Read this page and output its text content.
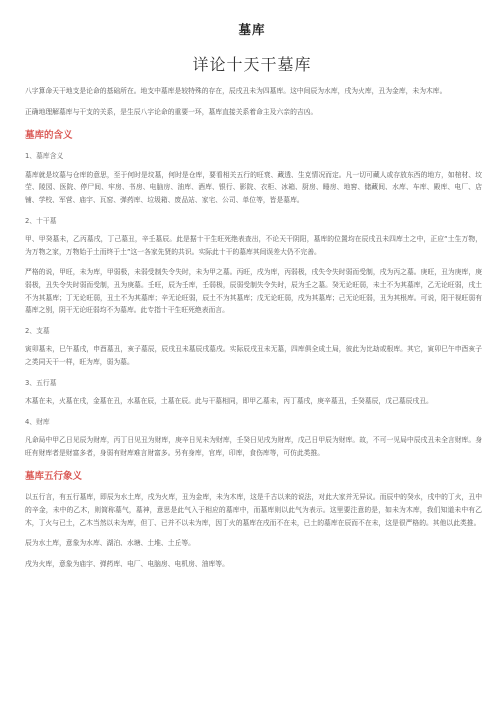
墓库
详论十天干墓库

八字算命天干地支是论命的基础所在。地支中墓库是较特殊的存在，辰戌丑未为四墓库。这中间辰为水库，戌为火库，丑为金库，未为木库。

正确地理解墓库与干支的关系，是生辰八字论命的重要一环，墓库直接关系着命主及六亲的吉凶。

墓库的含义

1、墓库含义

墓库就是坟墓与仓库的意思，至于何时是坟墓，何时是仓库，要看相关五行的旺衰、藏透、生克情况而定。凡一切可藏人或存放东西的地方，如棺材、坟茔、陵园、医院、停尸间、牢房、书房、电脑房、油库、酒库、银行、影院、衣柜、冰箱、厨房、睡房、地窖、储藏间、水库、车库、殿库、电厂、店铺、学校、军营、庙宇、瓦窑、弹药库、垃圾箱、废品站、家宅、公司、单位等，皆是墓库。

2、十干墓

甲、甲癸墓未，乙丙墓戌，丁己墓丑，辛壬墓辰。此是据十干生旺死绝表查出，不论天干阴阳，墓库的位置均在辰戌丑未四库土之中，正应“土生万物，为万物之家，万物始于土而终于土”这一各家先贤的共识。实际此十干的墓库其间误差大仍不完善。

严格的说，甲旺，未为库，甲弱极，未弱受制失令失时，未为甲之墓。丙旺，戌为库，丙弱极，戌失令失时弱而受制，戌为丙之墓。庚旺，丑为庚库，庚弱极，丑失令失时弱而受制，丑为庚墓。壬旺，辰为壬库，壬弱极，辰弱受制失令失时，辰为壬之墓。癸无论旺弱，未土不为其墓库，乙无论旺弱，戌土不为其墓库；丁无论旺弱，丑土不为其墓库；辛无论旺弱，辰土不为其墓库；戊无论旺弱，戌为其墓库；己无论旺弱，丑为其根库。可说，阳干视旺弱有墓库之别，阴干无论旺弱均不为墓库。此专指十干生旺死绝表而言。

2、支墓

寅卯墓未，巳午墓戌，申酉墓丑，亥子墓辰，辰戌丑未墓辰戌墓戌。实际辰戌丑未无墓，四库俱全成土局，彼此为比劫或根库。其它，寅卯巳午申酉亥子之类同天干一样，旺为库，弱为墓。

3、五行墓

木墓在未，火墓在戌，金墓在丑，水墓在辰，土墓在辰。此与干墓相同，即甲乙墓未，丙丁墓戌，庚辛墓丑，壬癸墓辰，戊己墓辰戌丑。

4、财库

凡命局中甲乙日见辰为财库，丙丁日见丑为财库，庚辛日见未为财库，壬癸日见戌为财库，戊己日甲辰为财库。故，不可一见局中辰戌丑未全言财库。身旺有财库者是财富多者，身弱有财库难言财富多。另有身库，官库，印库，食伤库等，可仿此类推。

墓库五行象义

以五行言，有五行墓库，即辰为水土库，戌为火库，丑为金库，未为木库，这是千古以来的说法，对此大家并无异议。而辰中的癸水，戌中的丁火，丑中的辛金，未中的乙木，则简称墓气，墓神，意思是此气入于相应的墓库中，而墓库则以此气为表示。这里要注意的是，如未为木库，我们知道未中有乙木，丁火与已土，乙木当然以未为库，但丁、已并不以未为库，因丁火的墓库在戌而不在未，已土的墓库在辰而不在未，这是很严格的。其他以此类推。

辰为水土库，意象为水库、湖泊、水塘、土堆、土丘等。

戌为火库，意象为庙宇、弹药库、电厂、电脑房、电机房、油库等。
